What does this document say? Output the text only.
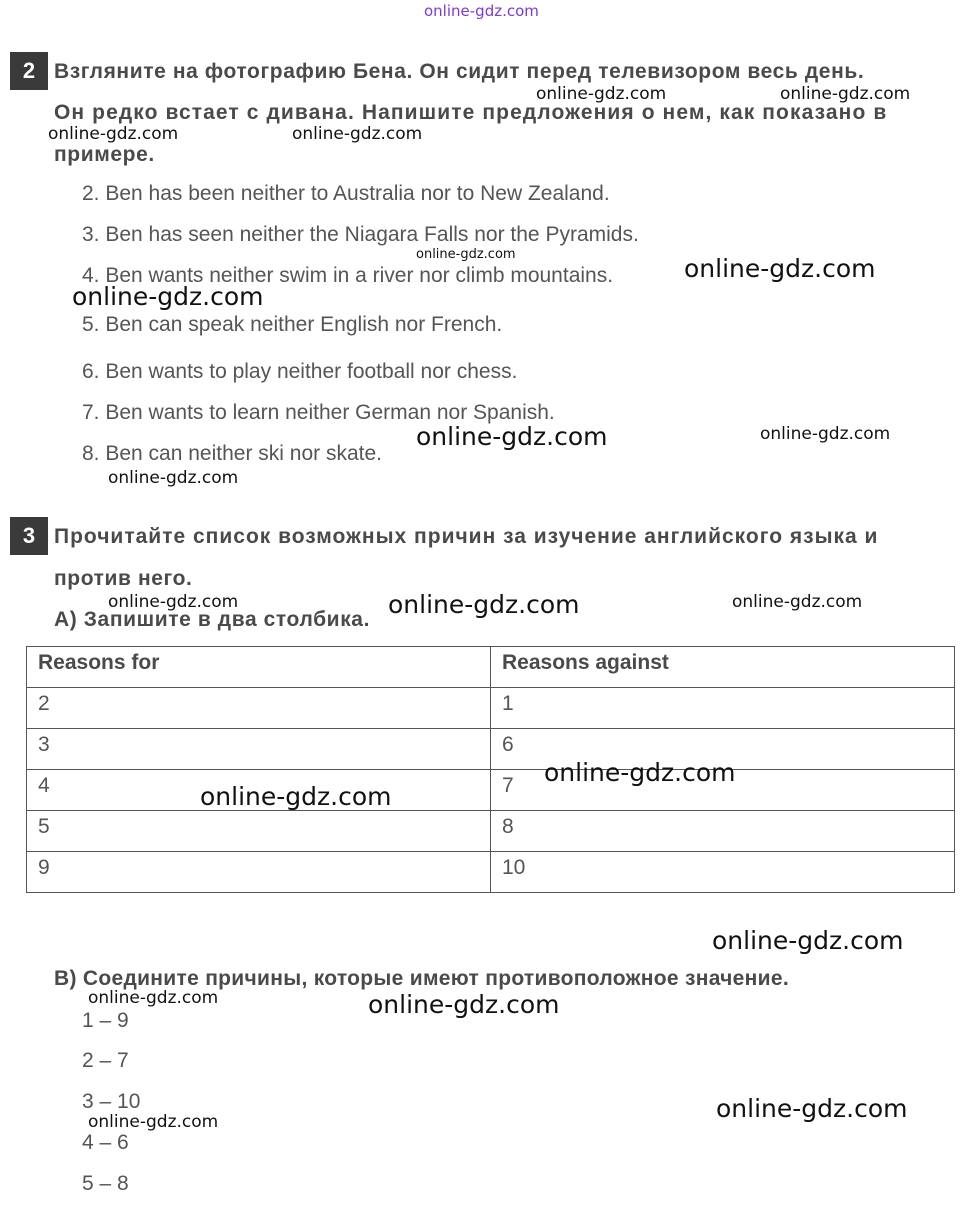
online-gdz.com
2 Взгляните на фотографию Бена. Он сидит перед телевизором весь день.
Он редко встает с дивана. Напишите предложения о нем, как показано в
примере.
2. Ben has been neither to Australia nor to New Zealand.
3. Ben has seen neither the Niagara Falls nor the Pyramids.
4. Ben wants neither swim in a river nor climb mountains.
5. Ben can speak neither English nor French.
6. Ben wants to play neither football nor chess.
7. Ben wants to learn neither German nor Spanish.
8. Ben can neither ski nor skate.
3 Прочитайте список возможных причин за изучение английского языка и
против него.
А) Запишите в два столбика.
Reasons for	Reasons against
2	1
3	6
4	7
5	8
9	10
В) Соедините причины, которые имеют противоположное значение.
1 – 9
2 – 7
3 – 10
4 – 6
5 – 8
online-gdz.com	online-gdz.com
online-gdz.com	online-gdz.com
online-gdz.com	online-gdz.com
online-gdz.com
online-gdz.com	online-gdz.com
online-gdz.com
online-gdz.com	online-gdz.com	online-gdz.com
online-gdz.com
online-gdz.com
online-gdz.com
online-gdz.com	online-gdz.com
online-gdz.com
online-gdz.com
